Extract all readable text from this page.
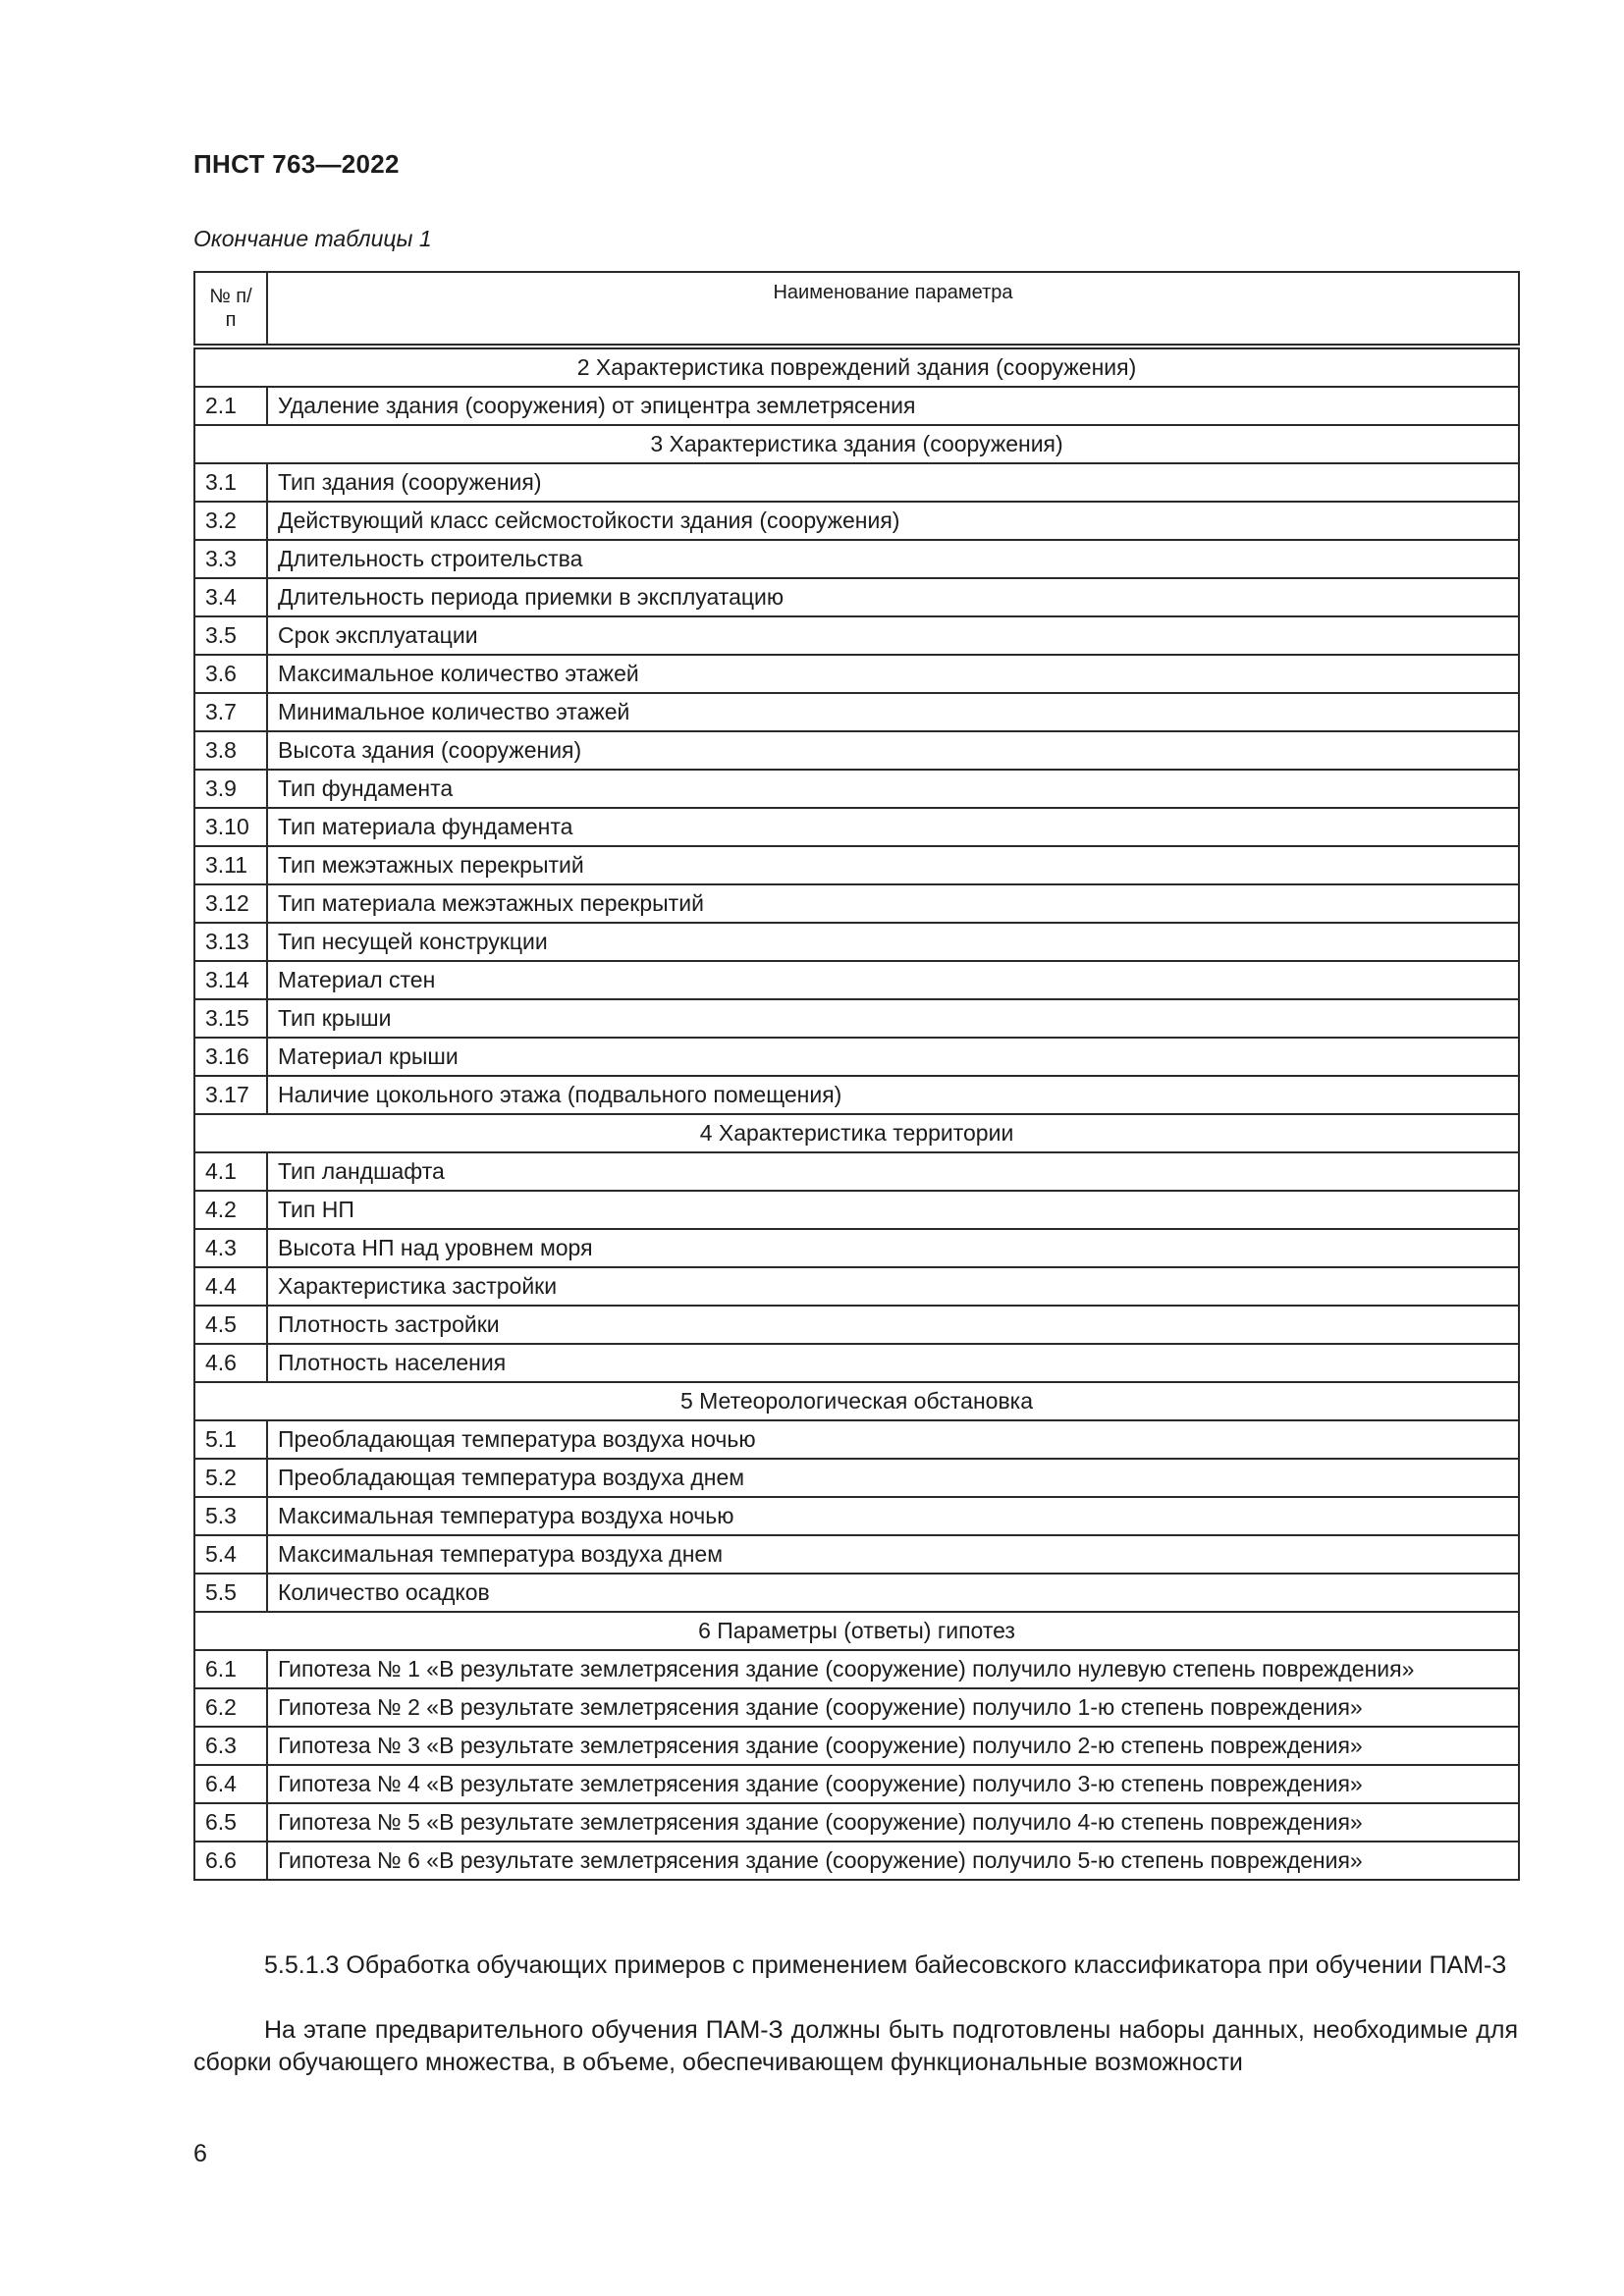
ПНСТ 763—2022
Окончание таблицы 1
№ п/п	Наименование параметра
2 Характеристика повреждений здания (сооружения)	
2.1	Удаление здания (сооружения) от эпицентра землетрясения
3 Характеристика здания (сооружения)	
3.1	Тип здания (сооружения)
3.2	Действующий класс сейсмостойкости здания (сооружения)
3.3	Длительность строительства
3.4	Длительность периода приемки в эксплуатацию
3.5	Срок эксплуатации
3.6	Максимальное количество этажей
3.7	Минимальное количество этажей
3.8	Высота здания (сооружения)
3.9	Тип фундамента
3.10	Тип материала фундамента
3.11	Тип межэтажных перекрытий
3.12	Тип материала межэтажных перекрытий
3.13	Тип несущей конструкции
3.14	Материал стен
3.15	Тип крыши
3.16	Материал крыши
3.17	Наличие цокольного этажа (подвального помещения)
4 Характеристика территории	
4.1	Тип ландшафта
4.2	Тип НП
4.3	Высота НП над уровнем моря
4.4	Характеристика застройки
4.5	Плотность застройки
4.6	Плотность населения
5 Метеорологическая обстановка	
5.1	Преобладающая температура воздуха ночью
5.2	Преобладающая температура воздуха днем
5.3	Максимальная температура воздуха ночью
5.4	Максимальная температура воздуха днем
5.5	Количество осадков
6 Параметры (ответы) гипотез	
6.1	Гипотеза № 1 «В результате землетрясения здание (сооружение) получило нулевую степень повреждения»
6.2	Гипотеза № 2 «В результате землетрясения здание (сооружение) получило 1-ю степень повреждения»
6.3	Гипотеза № 3 «В результате землетрясения здание (сооружение) получило 2-ю степень повреждения»
6.4	Гипотеза № 4 «В результате землетрясения здание (сооружение) получило 3-ю степень повреждения»
6.5	Гипотеза № 5 «В результате землетрясения здание (сооружение) получило 4-ю степень повреждения»
6.6	Гипотеза № 6 «В результате землетрясения здание (сооружение) получило 5-ю степень повреждения»
5.5.1.3 Обработка обучающих примеров с применением байесовского классификатора при обучении ПАМ-З
На этапе предварительного обучения ПАМ-З должны быть подготовлены наборы данных, необходимые для сборки обучающего множества, в объеме, обеспечивающем функциональные возможности
6
